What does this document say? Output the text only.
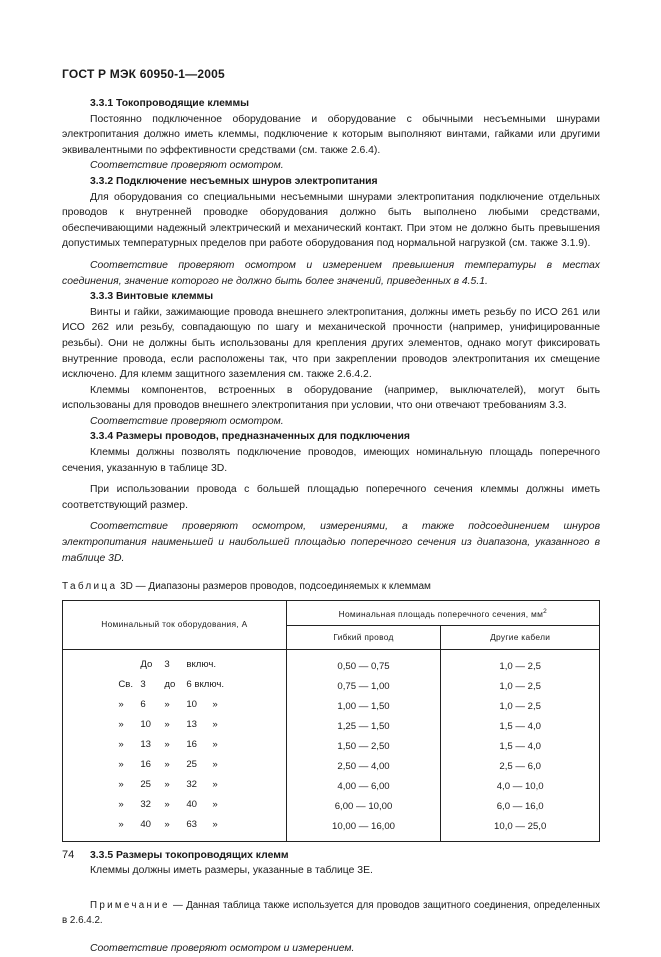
ГОСТ Р МЭК 60950-1—2005

3.3.1 Токопроводящие клеммы

Постоянно подключенное оборудование и оборудование с обычными несъемными шнурами электропитания должно иметь клеммы, подключение к которым выполняют винтами, гайками или другими эквивалентными по эффективности средствами (см. также 2.6.4).

Соответствие проверяют осмотром.

3.3.2 Подключение несъемных шнуров электропитания

Для оборудования со специальными несъемными шнурами электропитания подключение отдельных проводов к внутренней проводке оборудования должно быть выполнено любыми средствами, обеспечивающими надежный электрический и механический контакт. При этом не должно быть превышения допустимых температурных пределов при работе оборудования под нормальной нагрузкой (см. также 3.1.9).

Соответствие проверяют осмотром и измерением превышения температуры в местах соединения, значение которого не должно быть более значений, приведенных в 4.5.1.

3.3.3 Винтовые клеммы

Винты и гайки, зажимающие провода внешнего электропитания, должны иметь резьбу по ИСО 261 или ИСО 262 или резьбу, совпадающую по шагу и механической прочности (например, унифицированные резьбы). Они не должны быть использованы для крепления других элементов, однако могут фиксировать внутренние провода, если расположены так, что при закреплении проводов электропитания их смещение исключено. Для клемм защитного заземления см. также 2.6.4.2.

Клеммы компонентов, встроенных в оборудование (например, выключателей), могут быть использованы для проводов внешнего электропитания при условии, что они отвечают требованиям 3.3.

Соответствие проверяют осмотром.

3.3.4 Размеры проводов, предназначенных для подключения

Клеммы должны позволять подключение проводов, имеющих номинальную площадь поперечного сечения, указанную в таблице 3D.

При использовании провода с большей площадью поперечного сечения клеммы должны иметь соответствующий размер.

Соответствие проверяют осмотром, измерениями, а также подсоединением шнуров электропитания наименьшей и наибольшей площадью поперечного сечения из диапазона, указанного в таблице 3D.

Таблица 3D — Диапазоны размеров проводов, подсоединяемых к клеммам

Номинальный ток оборудования, А	Номинальная площадь поперечного сечения, $мм^2$
	Гибкий провод	Другие кабели

До 3 включ.	0,50 — 0,75	1,0 — 2,5

Св. 3 до 6 включ.	0,75 — 1,00	1,0 — 2,5

» 6 » 10 »	1,00 — 1,50	1,0 — 2,5

» 10 » 13 »	1,25 — 1,50	1,5 — 4,0

» 13 » 16 »	1,50 — 2,50	1,5 — 4,0

» 16 » 25 »	2,50 — 4,00	2,5 — 6,0

» 25 » 32 »	4,00 — 6,00	4,0 — 10,0

» 32 » 40 »	6,00 — 10,00	6,0 — 16,0

» 40 » 63 »	10,00 — 16,00	10,0 — 25,0

3.3.5 Размеры токопроводящих клемм

Клеммы должны иметь размеры, указанные в таблице 3Е.

Примечание — Данная таблица также используется для проводов защитного соединения, определенных в 2.6.4.2.

Соответствие проверяют осмотром и измерением.

74
